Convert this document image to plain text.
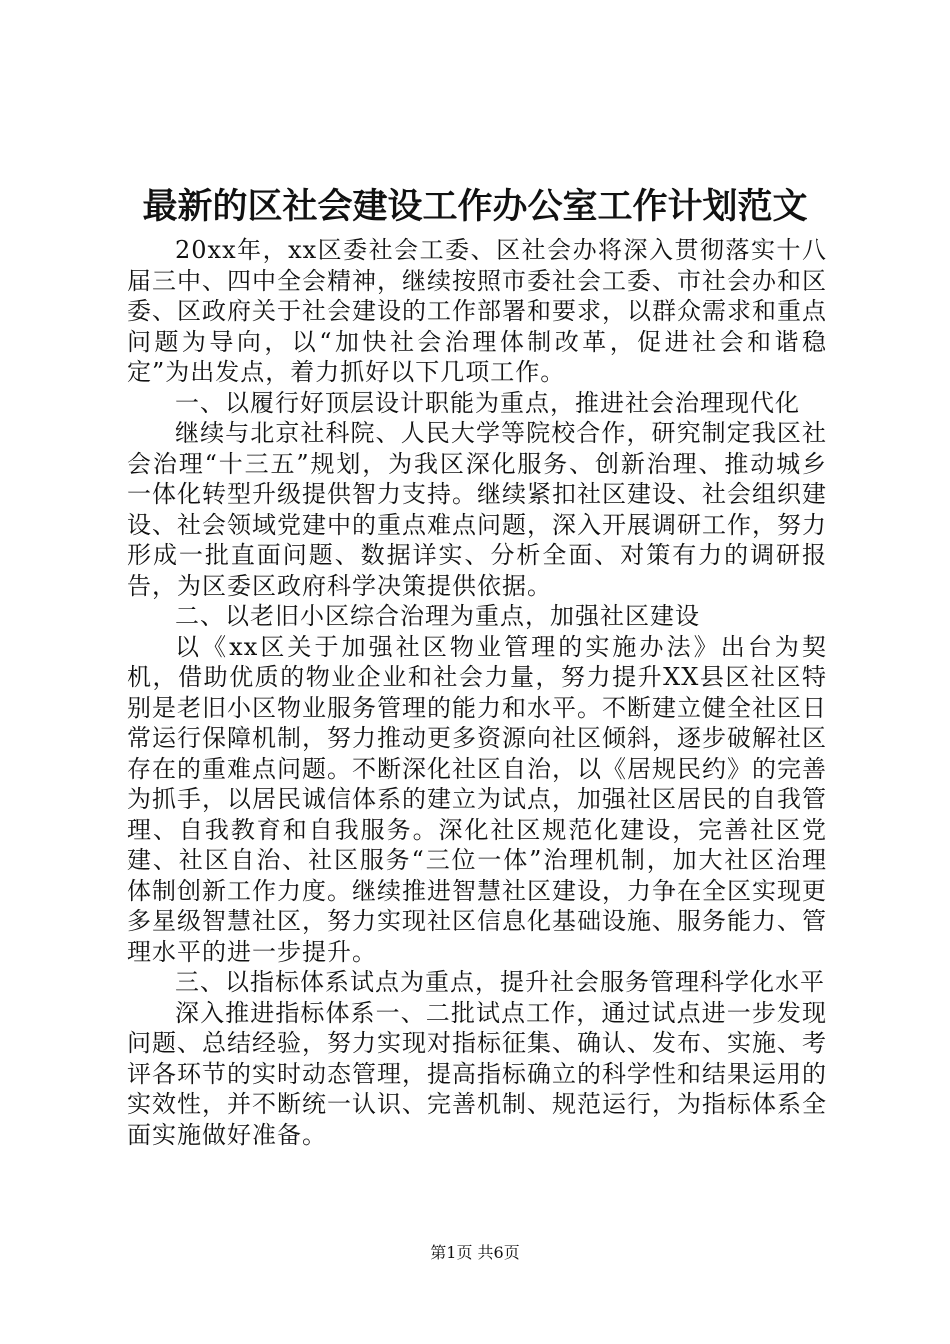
最新的区社会建设工作办公室工作计划范文

20xx年，xx区委社会工委、区社会办将深入贯彻落实十八届三中、四中全会精神，继续按照市委社会工委、市社会办和区委、区政府关于社会建设的工作部署和要求，以群众需求和重点问题为导向，以“加快社会治理体制改革，促进社会和谐稳定”为出发点，着力抓好以下几项工作。

一、以履行好顶层设计职能为重点，推进社会治理现代化

继续与北京社科院、人民大学等院校合作，研究制定我区社会治理“十三五”规划，为我区深化服务、创新治理、推动城乡一体化转型升级提供智力支持。继续紧扣社区建设、社会组织建设、社会领域党建中的重点难点问题，深入开展调研工作，努力形成一批直面问题、数据详实、分析全面、对策有力的调研报告，为区委区政府科学决策提供依据。

二、以老旧小区综合治理为重点，加强社区建设

以《xx区关于加强社区物业管理的实施办法》出台为契机，借助优质的物业企业和社会力量，努力提升XX县区社区特别是老旧小区物业服务管理的能力和水平。不断建立健全社区日常运行保障机制，努力推动更多资源向社区倾斜，逐步破解社区存在的重难点问题。不断深化社区自治，以《居规民约》的完善为抓手，以居民诚信体系的建立为试点，加强社区居民的自我管理、自我教育和自我服务。深化社区规范化建设，完善社区党建、社区自治、社区服务“三位一体”治理机制，加大社区治理体制创新工作力度。继续推进智慧社区建设，力争在全区实现更多星级智慧社区，努力实现社区信息化基础设施、服务能力、管理水平的进一步提升。

三、以指标体系试点为重点，提升社会服务管理科学化水平

深入推进指标体系一、二批试点工作，通过试点进一步发现问题、总结经验，努力实现对指标征集、确认、发布、实施、考评各环节的实时动态管理，提高指标确立的科学性和结果运用的实效性，并不断统一认识、完善机制、规范运行，为指标体系全面实施做好准备。

第1页 共6页
